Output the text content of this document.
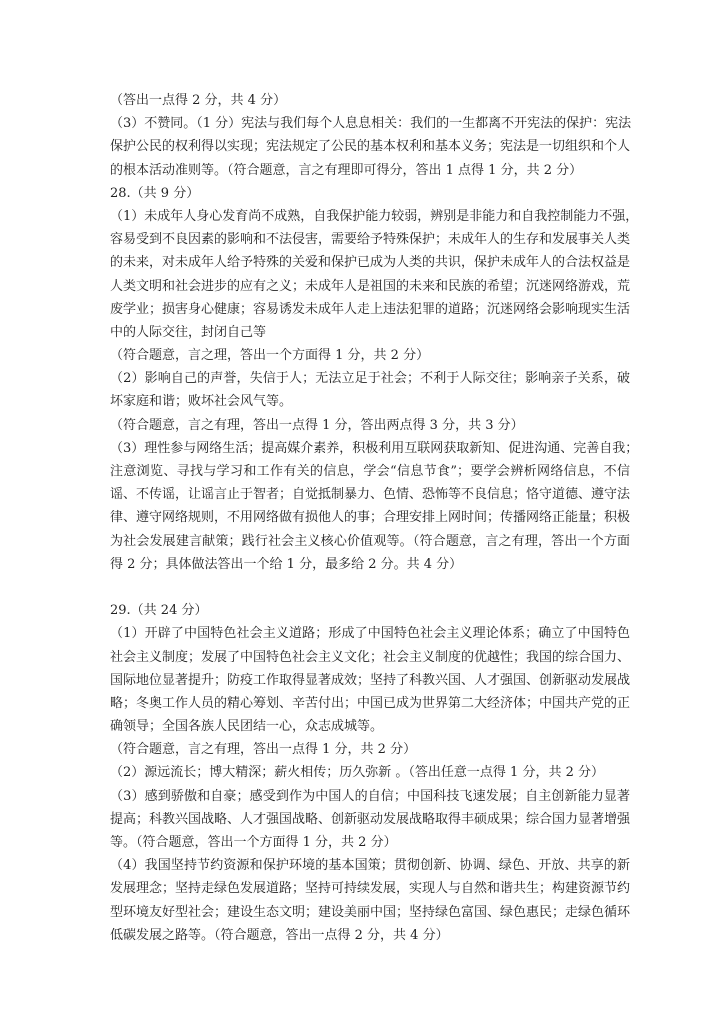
（答出一点得 2 分，共 4 分）
（3）不赞同。（1 分）宪法与我们每个人息息相关：我们的一生都离不开宪法的保护：宪法
保护公民的权利得以实现；宪法规定了公民的基本权利和基本义务；宪法是一切组织和个人
的根本活动准则等。（符合题意，言之有理即可得分，答出 1 点得 1 分，共 2 分）
28.（共 9 分）
（1）未成年人身心发育尚不成熟，自我保护能力较弱，辨别是非能力和自我控制能力不强，
容易受到不良因素的影响和不法侵害，需要给予特殊保护；未成年人的生存和发展事关人类
的未来，对未成年人给予特殊的关爱和保护已成为人类的共识，保护未成年人的合法权益是
人类文明和社会进步的应有之义；未成年人是祖国的未来和民族的希望；沉迷网络游戏，荒
废学业；损害身心健康；容易诱发未成年人走上违法犯罪的道路；沉迷网络会影响现实生活
中的人际交往，封闭自己等
（符合题意，言之理，答出一个方面得 1 分，共 2 分）
（2）影响自己的声誉，失信于人；无法立足于社会；不利于人际交往；影响亲子关系，破
坏家庭和谐；败坏社会风气等。
（符合题意，言之有理，答出一点得 1 分，答出两点得 3 分，共 3 分）
（3）理性参与网络生活；提高媒介素养，积极利用互联网获取新知、促进沟通、完善自我；
注意浏览、寻找与学习和工作有关的信息，学会“信息节食”；要学会辨析网络信息，不信
谣、不传谣，让谣言止于智者；自觉抵制暴力、色情、恐怖等不良信息；恪守道德、遵守法
律、遵守网络规则，不用网络做有损他人的事；合理安排上网时间；传播网络正能量；积极
为社会发展建言献策；践行社会主义核心价值观等。（符合题意，言之有理，答出一个方面
得 2 分；具体做法答出一个给 1 分，最多给 2 分。共 4 分）
29.（共 24 分）
（1）开辟了中国特色社会主义道路；形成了中国特色社会主义理论体系；确立了中国特色
社会主义制度；发展了中国特色社会主义文化；社会主义制度的优越性；我国的综合国力、
国际地位显著提升；防疫工作取得显著成效；坚持了科教兴国、人才强国、创新驱动发展战
略；冬奥工作人员的精心筹划、辛苦付出；中国已成为世界第二大经济体；中国共产党的正
确领导；全国各族人民团结一心，众志成城等。
（符合题意，言之有理，答出一点得 1 分，共 2 分）
（2）源远流长；博大精深；薪火相传；历久弥新 。（答出任意一点得 1 分，共 2 分）
（3）感到骄傲和自豪；感受到作为中国人的自信；中国科技飞速发展；自主创新能力显著
提高；科教兴国战略、人才强国战略、创新驱动发展战略取得丰硕成果；综合国力显著增强
等。（符合题意，答出一个方面得 1 分，共 2 分）
（4）我国坚持节约资源和保护环境的基本国策；贯彻创新、协调、绿色、开放、共享的新
发展理念；坚持走绿色发展道路；坚持可持续发展，实现人与自然和谐共生；构建资源节约
型环境友好型社会；建设生态文明；建设美丽中国；坚持绿色富国、绿色惠民；走绿色循环
低碳发展之路等。（符合题意，答出一点得 2 分，共 4 分）
